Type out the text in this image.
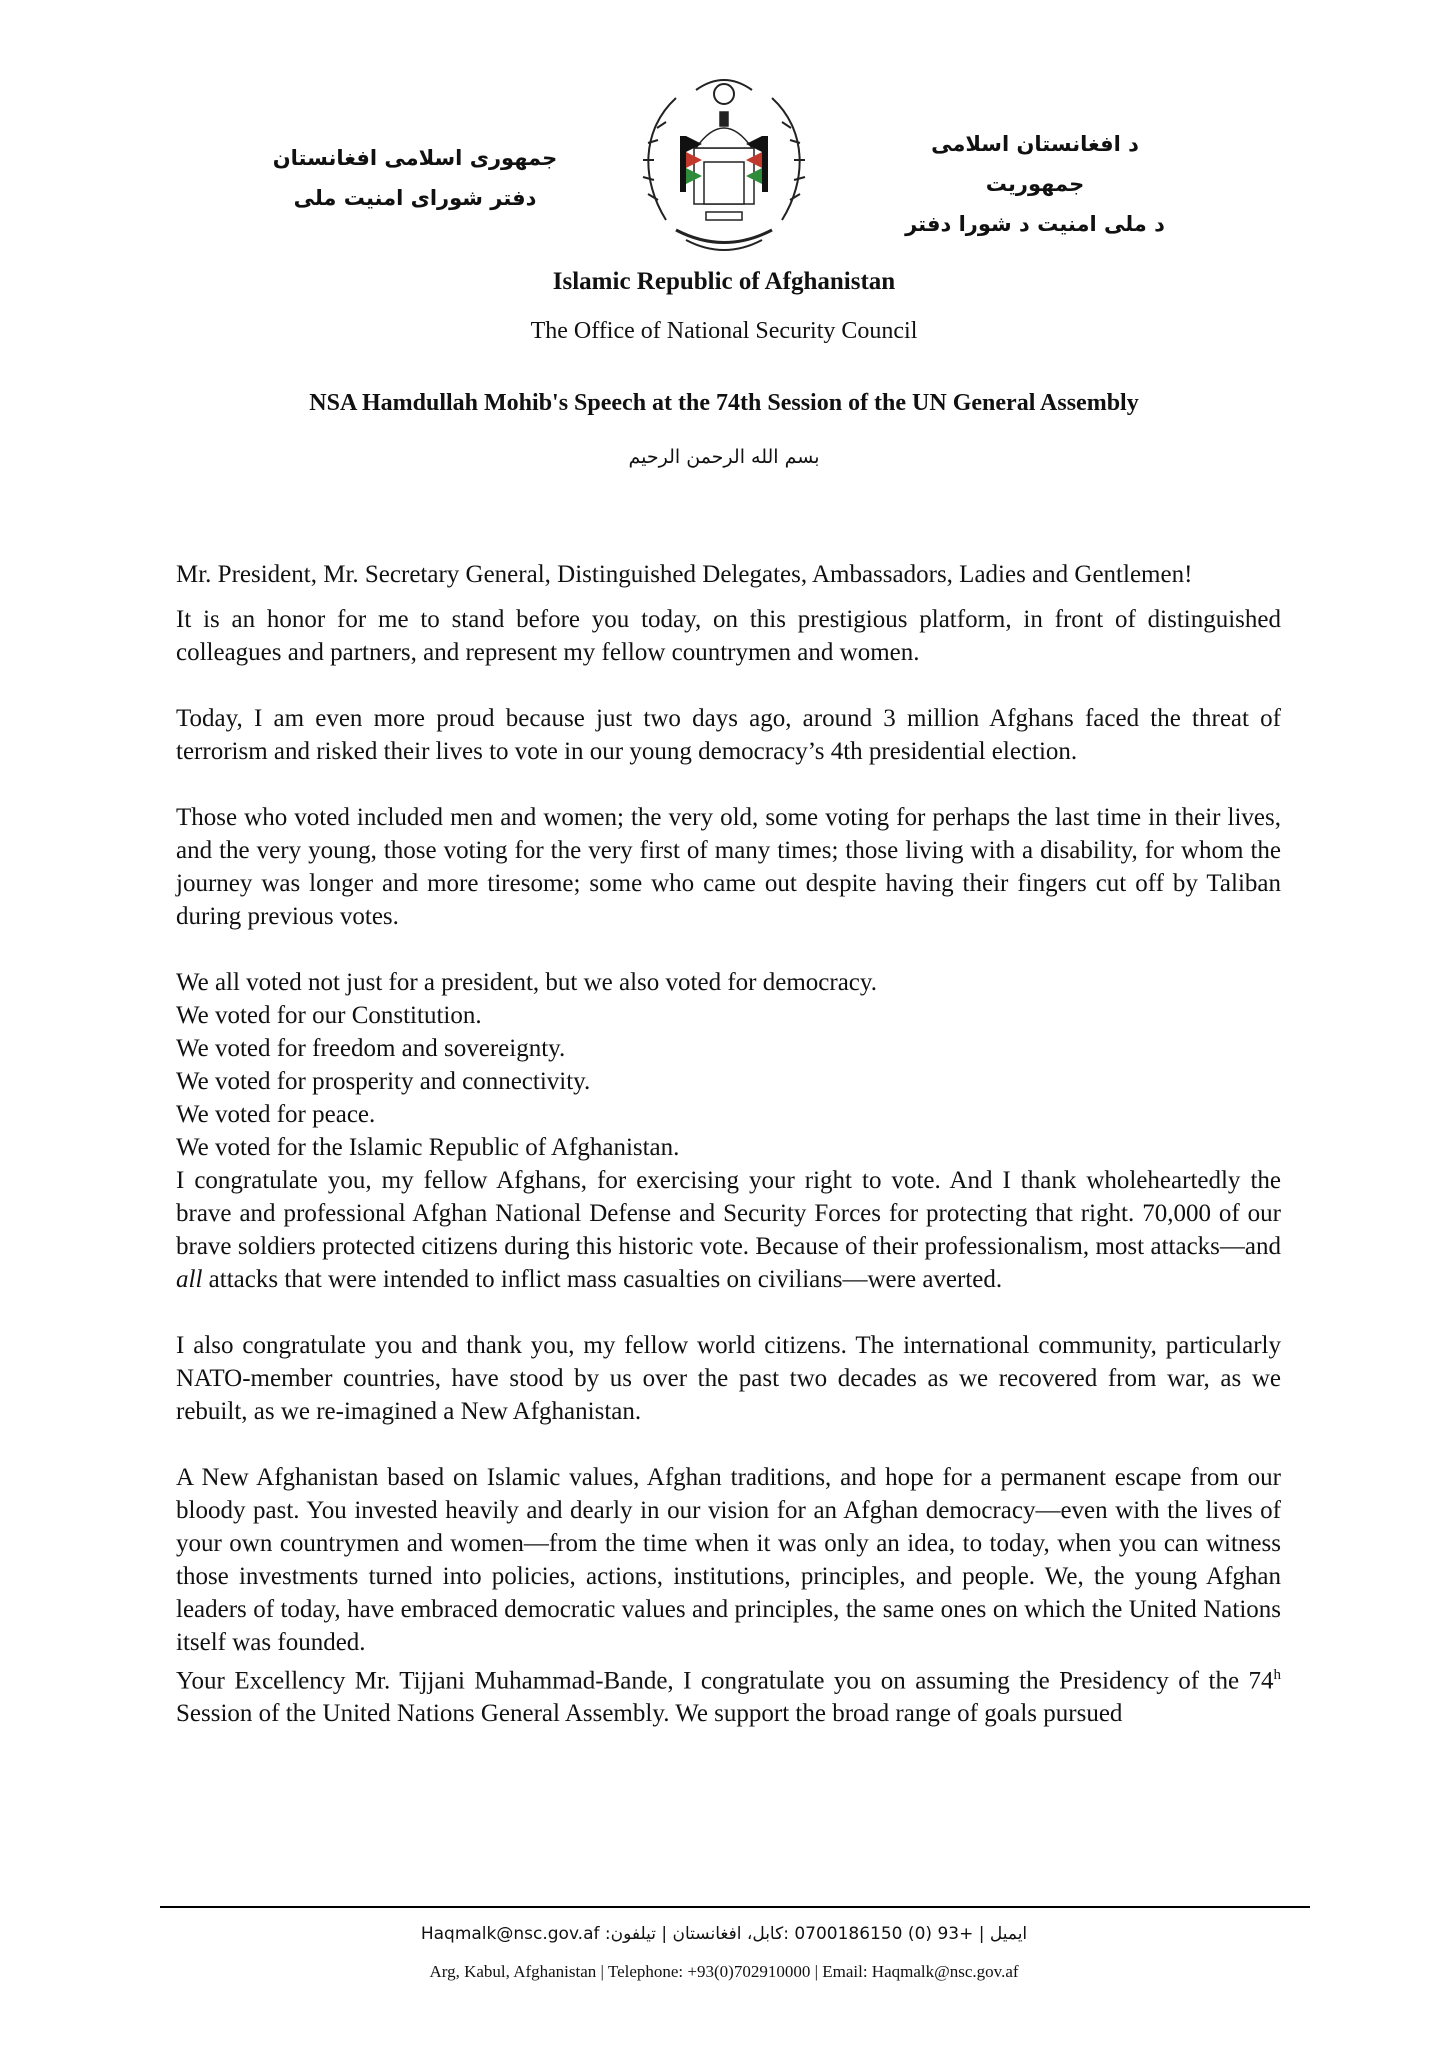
جمهوری اسلامی افغانستان
دفتر شورای امنیت ملی
د افغانستان اسلامی جمهوریت
د ملی امنیت د شورا دفتر
Islamic Republic of Afghanistan
The Office of National Security Council
NSA Hamdullah Mohib's Speech at the 74th Session of the UN General Assembly
بسم الله الرحمن الرحیم

Mr. President, Mr. Secretary General, Distinguished Delegates, Ambassadors, Ladies and Gentlemen!

It is an honor for me to stand before you today, on this prestigious platform, in front of distinguished colleagues and partners, and represent my fellow countrymen and women.

Today, I am even more proud because just two days ago, around 3 million Afghans faced the threat of terrorism and risked their lives to vote in our young democracy’s 4th presidential election.

Those who voted included men and women; the very old, some voting for perhaps the last time in their lives, and the very young, those voting for the very first of many times; those living with a disability, for whom the journey was longer and more tiresome; some who came out despite having their fingers cut off by Taliban during previous votes.

We all voted not just for a president, but we also voted for democracy.

We voted for our Constitution.

We voted for freedom and sovereignty.

We voted for prosperity and connectivity.

We voted for peace.

We voted for the Islamic Republic of Afghanistan.

I congratulate you, my fellow Afghans, for exercising your right to vote. And I thank wholeheartedly the brave and professional Afghan National Defense and Security Forces for protecting that right. 70,000 of our brave soldiers protected citizens during this historic vote. Because of their professionalism, most attacks—and all attacks that were intended to inflict mass casualties on civilians—were averted.

I also congratulate you and thank you, my fellow world citizens. The international community, particularly NATO-member countries, have stood by us over the past two decades as we recovered from war, as we rebuilt, as we re-imagined a New Afghanistan.

A New Afghanistan based on Islamic values, Afghan traditions, and hope for a permanent escape from our bloody past. You invested heavily and dearly in our vision for an Afghan democracy—even with the lives of your own countrymen and women—from the time when it was only an idea, to today, when you can witness those investments turned into policies, actions, institutions, principles, and people. We, the young Afghan leaders of today, have embraced democratic values and principles, the same ones on which the United Nations itself was founded.

Your Excellency Mr. Tijjani Muhammad-Bande, I congratulate you on assuming the Presidency of the 74$^h$ Session of the United Nations General Assembly. We support the broad range of goals pursued

Haqmalk@nsc.gov.af :ایمیل | +93 (0) 0700186150 :کابل، افغانستان | تیلفون
Arg, Kabul, Afghanistan | Telephone: +93(0)702910000 | Email: Haqmalk@nsc.gov.af
